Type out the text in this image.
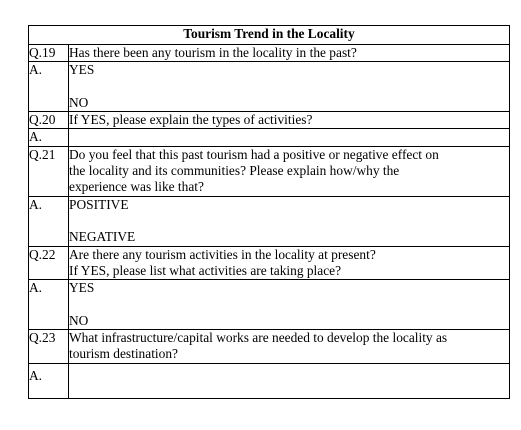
Tourism Trend in the Locality	
Q.19	Has there been any tourism in the locality in the past?

A.	YES
NO

Q.20	If YES, please explain the types of activities?

A.	
Q.21	Do you feel that this past tourism had a positive or negative effect on
the locality and its communities? Please explain how/why the
experience was like that?

A.	POSITIVE
NEGATIVE

Q.22	Are there any tourism activities in the locality at present?
If YES, please list what activities are taking place?

A.	YES
NO

Q.23	What infrastructure/capital works are needed to develop the locality as
tourism destination?

A.	
